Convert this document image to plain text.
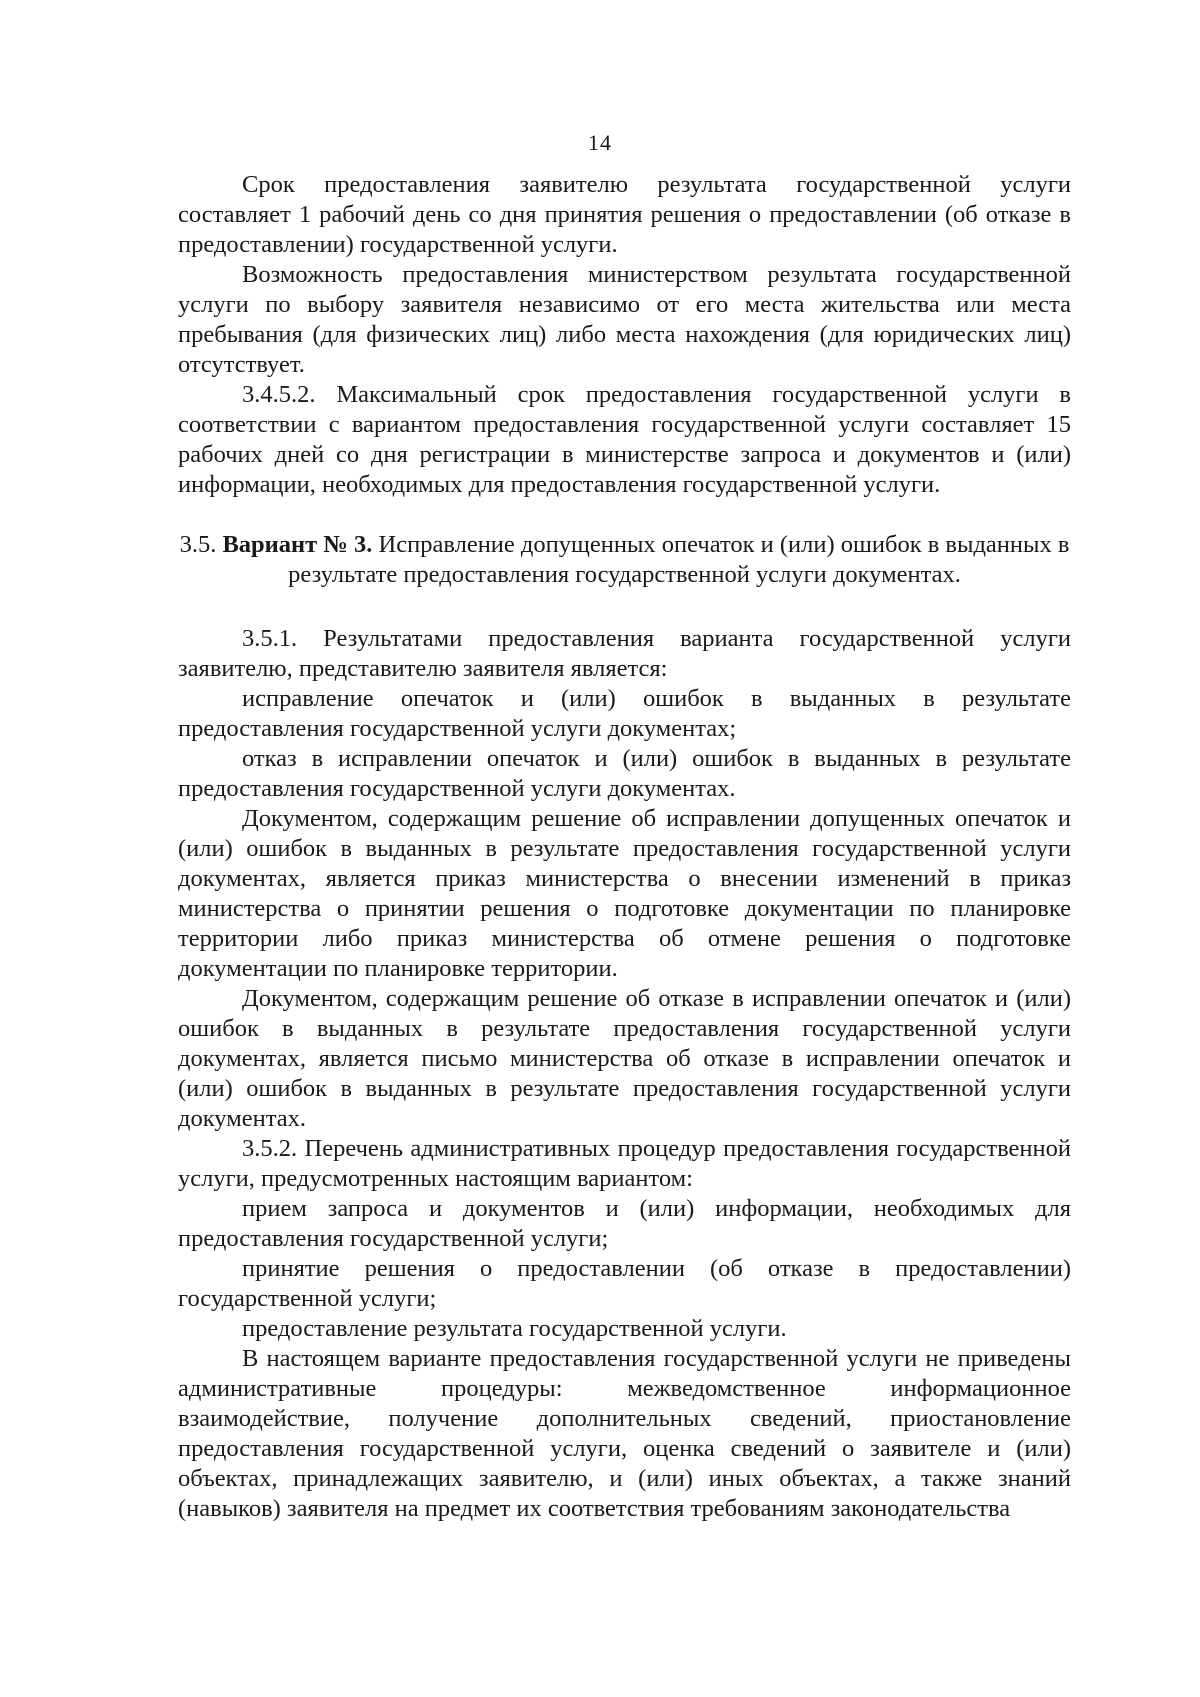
14

Срок предоставления заявителю результата государственной услуги составляет 1 рабочий день со дня принятия решения о предоставлении (об отказе в предоставлении) государственной услуги.

Возможность предоставления министерством результата государственной услуги по выбору заявителя независимо от его места жительства или места пребывания (для физических лиц) либо места нахождения (для юридических лиц) отсутствует.

3.4.5.2. Максимальный срок предоставления государственной услуги в соответствии с вариантом предоставления государственной услуги составляет 15 рабочих дней со дня регистрации в министерстве запроса и документов и (или) информации, необходимых для предоставления государственной услуги.

3.5. Вариант № 3. Исправление допущенных опечаток и (или) ошибок в выданных в результате предоставления государственной услуги документах.

3.5.1. Результатами предоставления варианта государственной услуги заявителю, представителю заявителя является:

исправление опечаток и (или) ошибок в выданных в результате предоставления государственной услуги документах;

отказ в исправлении опечаток и (или) ошибок в выданных в результате предоставления государственной услуги документах.

Документом, содержащим решение об исправлении допущенных опечаток и (или) ошибок в выданных в результате предоставления государственной услуги документах, является приказ министерства о внесении изменений в приказ министерства о принятии решения о подготовке документации по планировке территории либо приказ министерства об отмене решения о подготовке документации по планировке территории.

Документом, содержащим решение об отказе в исправлении опечаток и (или) ошибок в выданных в результате предоставления государственной услуги документах, является письмо министерства об отказе в исправлении опечаток и (или) ошибок в выданных в результате предоставления государственной услуги документах.

3.5.2. Перечень административных процедур предоставления государственной услуги, предусмотренных настоящим вариантом:

прием запроса и документов и (или) информации, необходимых для предоставления государственной услуги;

принятие решения о предоставлении (об отказе в предоставлении) государственной услуги;

предоставление результата государственной услуги.

В настоящем варианте предоставления государственной услуги не приведены административные процедуры: межведомственное информационное взаимодействие, получение дополнительных сведений, приостановление предоставления государственной услуги, оценка сведений о заявителе и (или) объектах, принадлежащих заявителю, и (или) иных объектах, а также знаний (навыков) заявителя на предмет их соответствия требованиям законодательства
